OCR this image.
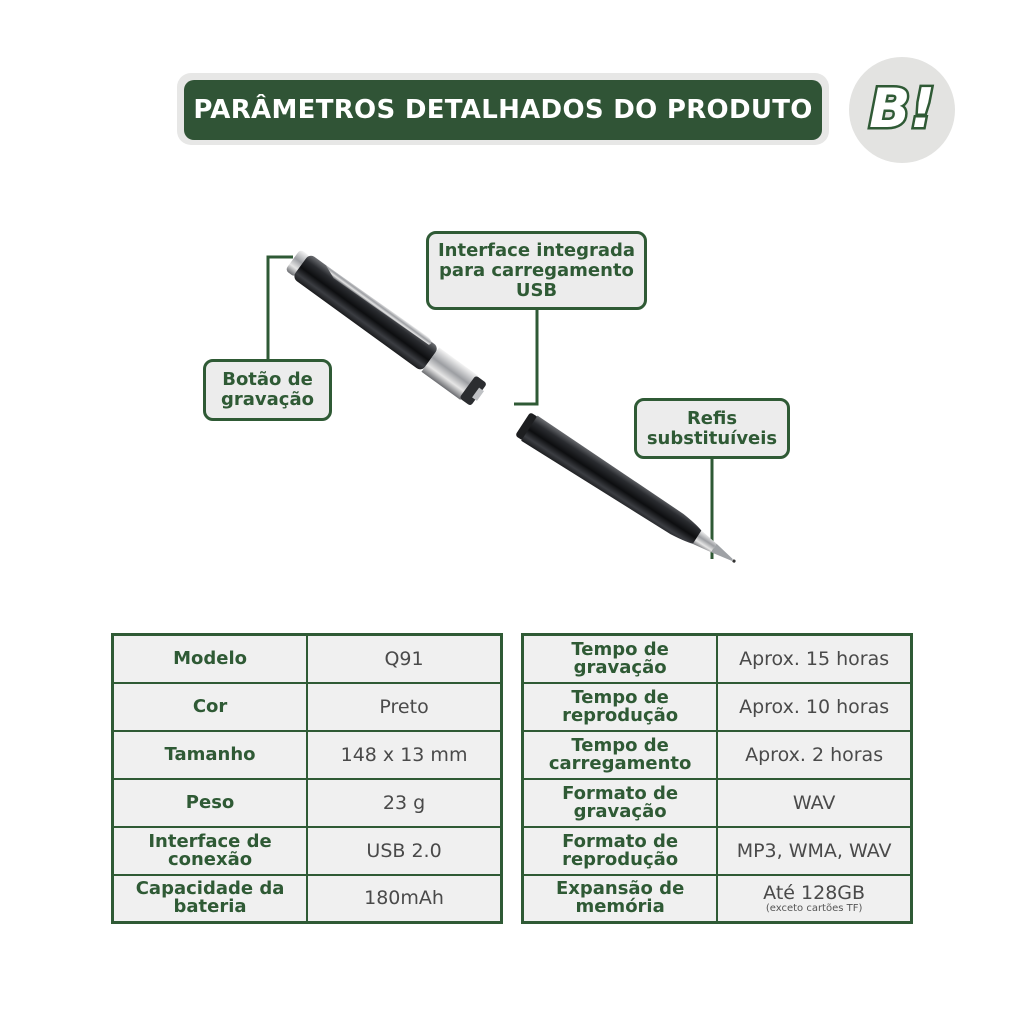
PARÂMETROS DETALHADOS DO PRODUTO B!
Botão de gravação
Interface integrada para carregamento USB
Refis substituíveis
Modelo	Q91
Cor	Preto
Tamanho	148 x 13 mm
Peso	23 g
Interface de conexão	USB 2.0
Capacidade da bateria	180mAh
Tempo de gravação	Aprox. 15 horas
Tempo de reprodução	Aprox. 10 horas
Tempo de carregamento	Aprox. 2 horas
Formato de gravação	WAV
Formato de reprodução	MP3, WMA, WAV
Expansão de memória	Até 128GB
(exceto cartões TF)
